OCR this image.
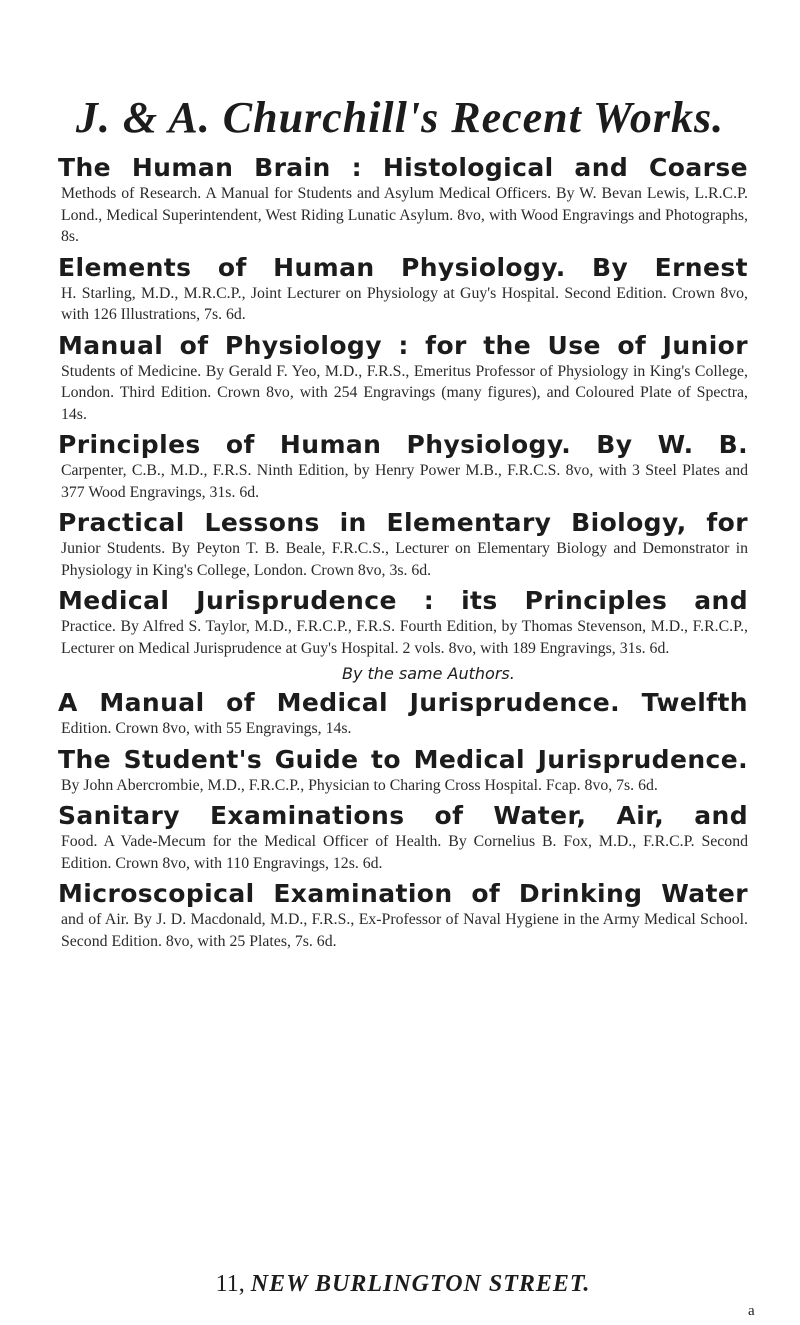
J. & A. Churchill's Recent Works.
The Human Brain : Histological and Coarse
Methods of Research. A Manual for Students and Asylum Medical Officers. By W. Bevan Lewis, L.R.C.P. Lond., Medical Superintendent, West Riding Lunatic Asylum. 8vo, with Wood Engravings and Photographs, 8s.
Elements of Human Physiology. By Ernest
H. Starling, M.D., M.R.C.P., Joint Lecturer on Physiology at Guy's Hospital. Second Edition. Crown 8vo, with 126 Illustrations, 7s. 6d.
Manual of Physiology : for the Use of Junior
Students of Medicine. By Gerald F. Yeo, M.D., F.R.S., Emeritus Professor of Physiology in King's College, London. Third Edition. Crown 8vo, with 254 Engravings (many figures), and Coloured Plate of Spectra, 14s.
Principles of Human Physiology. By W. B.
Carpenter, C.B., M.D., F.R.S. Ninth Edition, by Henry Power M.B., F.R.C.S. 8vo, with 3 Steel Plates and 377 Wood Engravings, 31s. 6d.
Practical Lessons in Elementary Biology, for
Junior Students. By Peyton T. B. Beale, F.R.C.S., Lecturer on Elementary Biology and Demonstrator in Physiology in King's College, London. Crown 8vo, 3s. 6d.
Medical Jurisprudence : its Principles and
Practice. By Alfred S. Taylor, M.D., F.R.C.P., F.R.S. Fourth Edition, by Thomas Stevenson, M.D., F.R.C.P., Lecturer on Medical Jurisprudence at Guy's Hospital. 2 vols. 8vo, with 189 Engravings, 31s. 6d.
By the same Authors.
A Manual of Medical Jurisprudence. Twelfth
Edition. Crown 8vo, with 55 Engravings, 14s.
The Student's Guide to Medical Jurisprudence.
By John Abercrombie, M.D., F.R.C.P., Physician to Charing Cross Hospital. Fcap. 8vo, 7s. 6d.
Sanitary Examinations of Water, Air, and
Food. A Vade-Mecum for the Medical Officer of Health. By Cornelius B. Fox, M.D., F.R.C.P. Second Edition. Crown 8vo, with 110 Engravings, 12s. 6d.
Microscopical Examination of Drinking Water
and of Air. By J. D. Macdonald, M.D., F.R.S., Ex-Professor of Naval Hygiene in the Army Medical School. Second Edition. 8vo, with 25 Plates, 7s. 6d.
11, NEW BURLINGTON STREET.
a
